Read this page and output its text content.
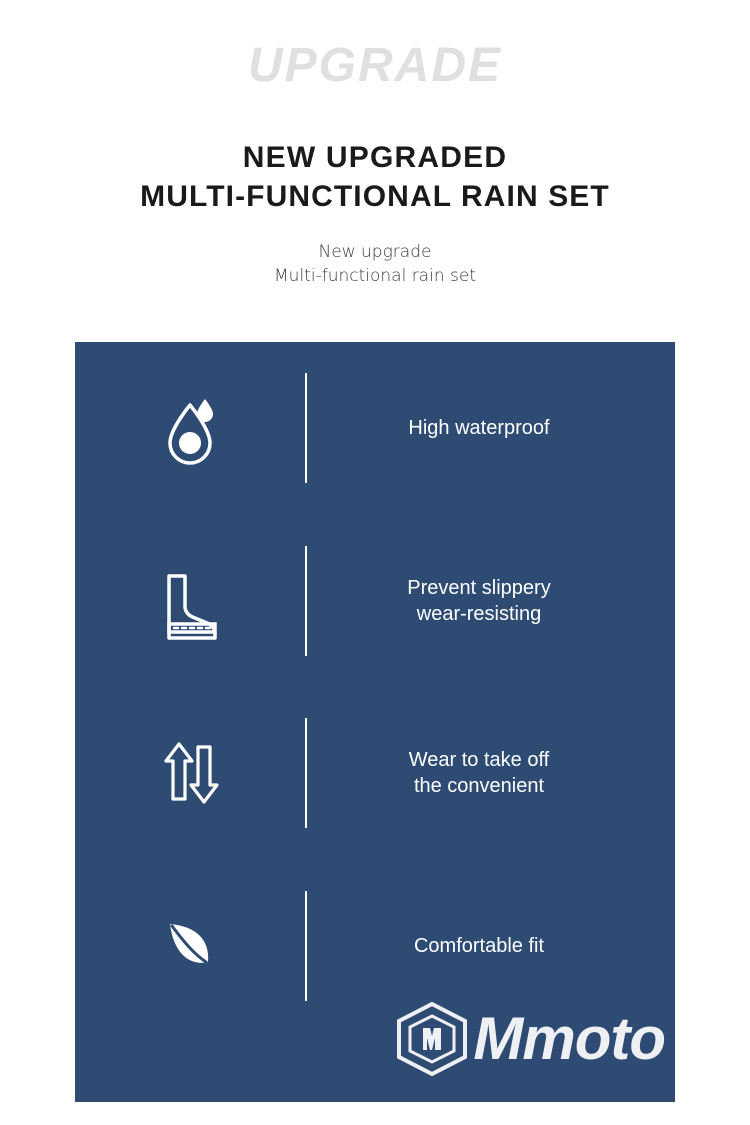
UPGRADE
NEW UPGRADED
MULTI-FUNCTIONAL RAIN SET
New upgrade
Multi-functional rain set
High waterproof
Prevent slippery
wear-resisting
Wear to take off
the convenient
Comfortable fit
Mmoto
